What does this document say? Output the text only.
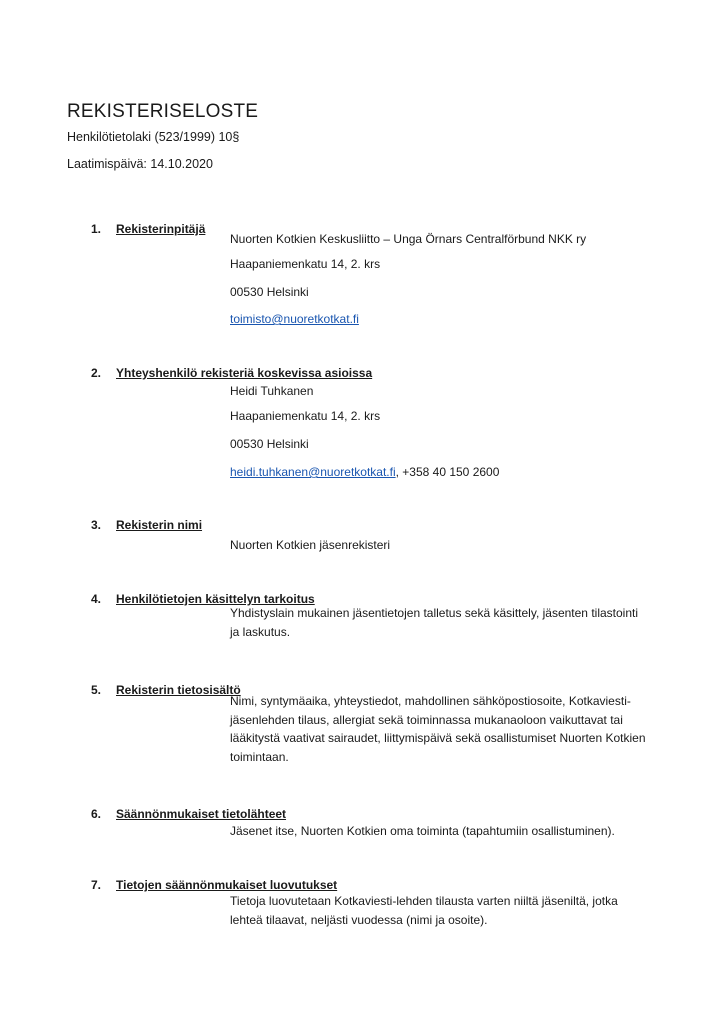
REKISTERISELOSTE
Henkilötietolaki (523/1999) 10§
Laatimispäivä: 14.10.2020
1. Rekisterinpitäjä
Nuorten Kotkien Keskusliitto – Unga Örnars Centralförbund NKK ry
Haapaniemenkatu 14, 2. krs
00530 Helsinki
toimisto@nuoretkotkat.fi
2. Yhteyshenkilö rekisteriä koskevissa asioissa
Heidi Tuhkanen
Haapaniemenkatu 14, 2. krs
00530 Helsinki
heidi.tuhkanen@nuoretkotkat.fi, +358 40 150 2600
3. Rekisterin nimi
Nuorten Kotkien jäsenrekisteri
4. Henkilötietojen käsittelyn tarkoitus
Yhdistyslain mukainen jäsentietojen talletus sekä käsittely, jäsenten tilastointi ja laskutus.
5. Rekisterin tietosisältö
Nimi, syntymäaika, yhteystiedot, mahdollinen sähköpostiosoite, Kotkaviesti-jäsenlehden tilaus, allergiat sekä toiminnassa mukanaoloon vaikuttavat tai lääkitystä vaativat sairaudet, liittymispäivä sekä osallistumiset Nuorten Kotkien toimintaan.
6. Säännönmukaiset tietolähteet
Jäsenet itse, Nuorten Kotkien oma toiminta (tapahtumiin osallistuminen).
7. Tietojen säännönmukaiset luovutukset
Tietoja luovutetaan Kotkaviesti-lehden tilausta varten niiltä jäseniltä, jotka lehteä tilaavat, neljästi vuodessa (nimi ja osoite).
